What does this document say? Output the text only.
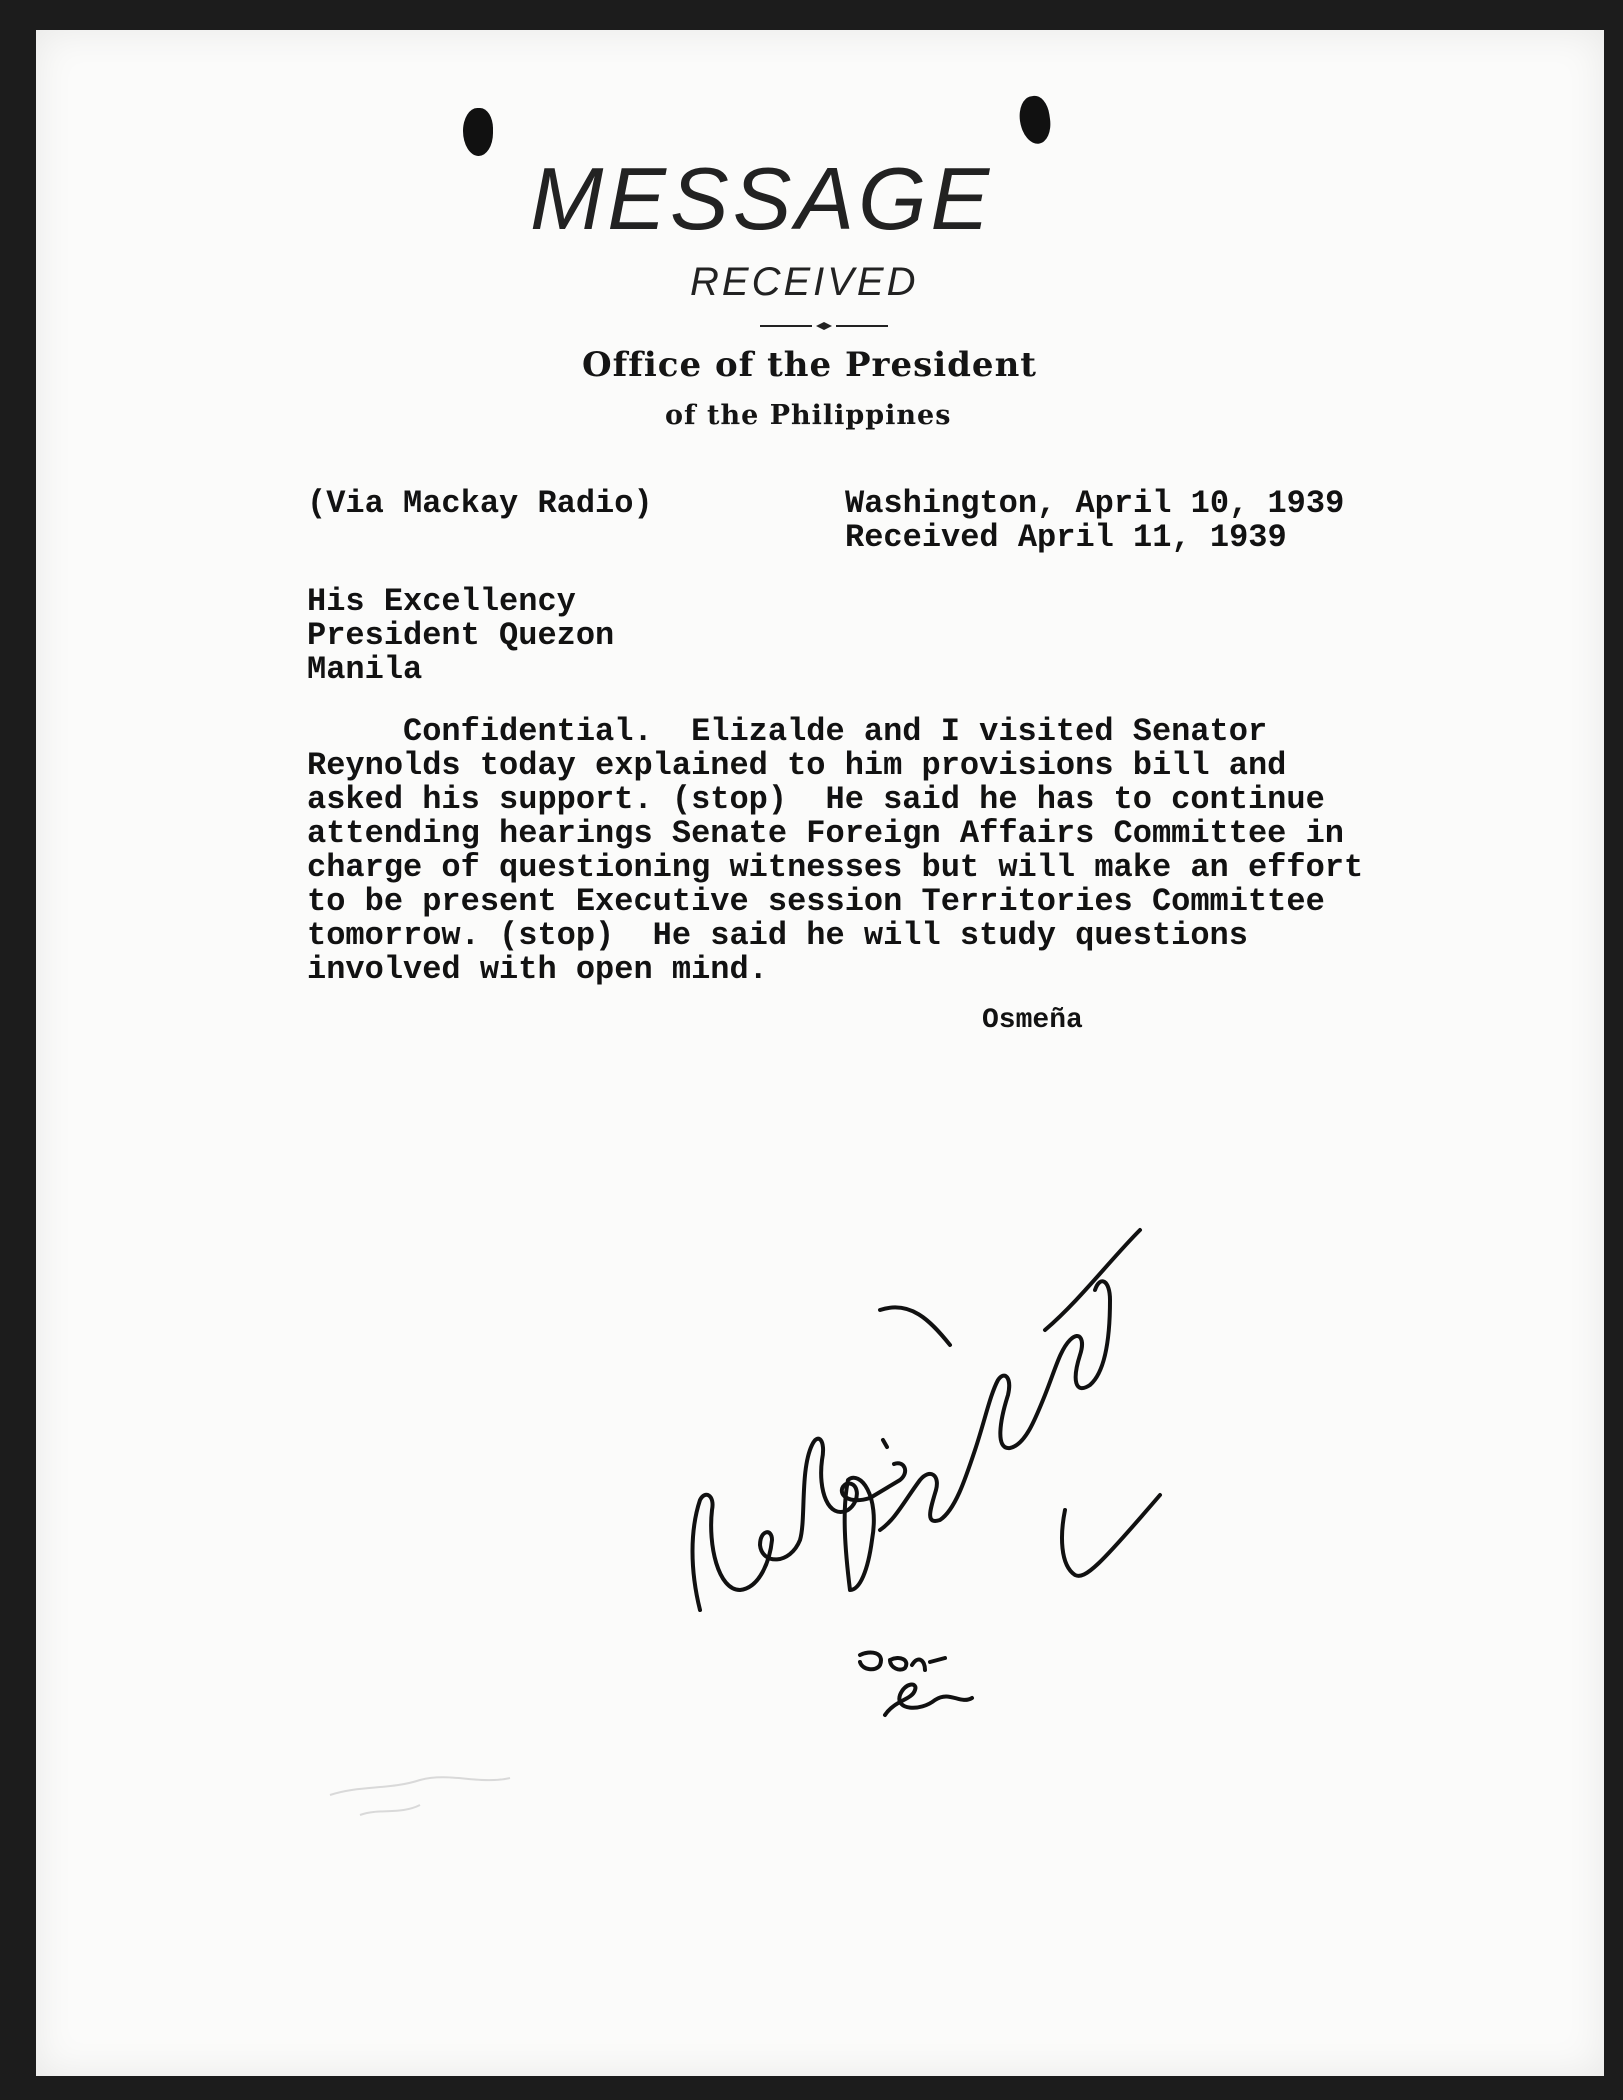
MESSAGE
RECEIVED
Office of the President
of the Philippines
(Via Mackay Radio)	Washington, April 10, 1939
Received April 11, 1939
His Excellency
President Quezon
Manila
Confidential.  Elizalde and I visited Senator
Reynolds today explained to him provisions bill and
asked his support. (stop)  He said he has to continue
attending hearings Senate Foreign Affairs Committee in
charge of questioning witnesses but will make an effort
to be present Executive session Territories Committee
tomorrow. (stop)  He said he will study questions
involved with open mind.
Osmeña
